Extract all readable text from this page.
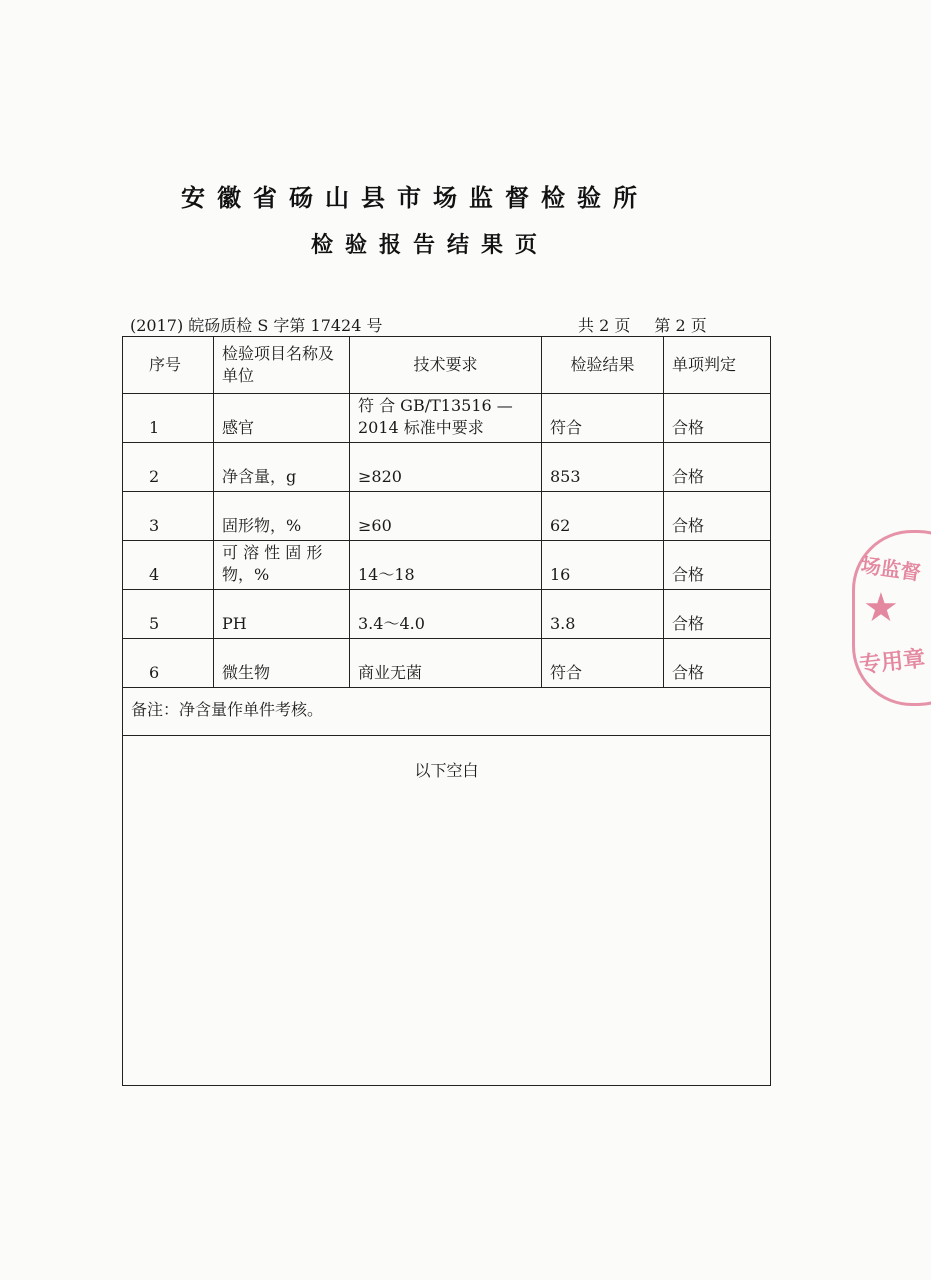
安徽省砀山县市场监督检验所
检验报告结果页
(2017) 皖砀质检 S 字第 17424 号	共 2 页 第 2 页
序号	检验项目名称及单位	技术要求	检验结果	单项判定
1	感官	符 合 GB/T13516 — 2014 标准中要求	符合	合格
2	净含量，g	≥820	853	合格
3	固形物，%	≥60	62	合格
4	可 溶 性 固 形 物，%	14～18	16	合格
5	PH	3.4～4.0	3.8	合格
6	微生物	商业无菌	符合	合格
备注：净含量作单件考核。				
以下空白				
场监督
★
专用章
